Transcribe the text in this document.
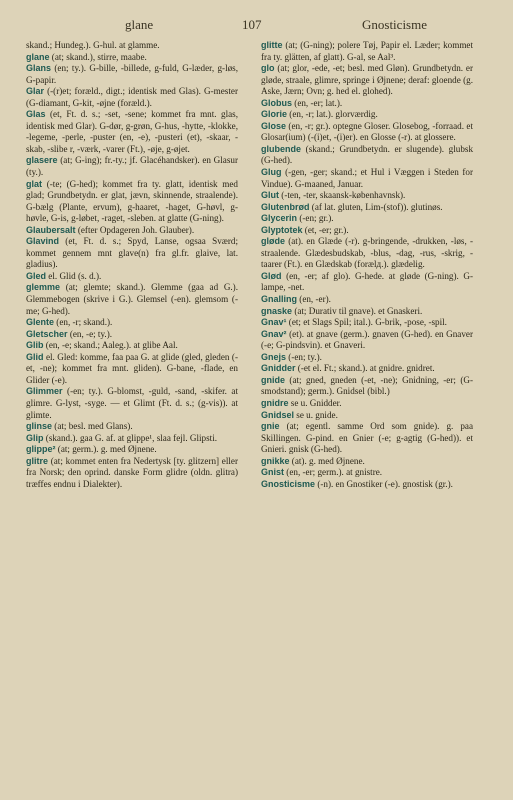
glane	107	Gnosticisme

skand.; Hundeg.). G-hul. at glamme.

glane (at; skand.), stirre, maabe.

Glans (en; ty.). G-bille, -billede, g-fuld, G-læder, g-løs, G-papir.

Glar (-(r)et; foræld., digt.; identisk med Glas). G-mester (G-diamant, G-kit, -øjne (foræld.).

Glas (et, Ft. d. s.; -set, -sene; kommet fra mnt. glas, identisk med Glar). G-dør, g-grøn, G-hus, -hytte, -klokke, -legeme, -perle, -puster (en, -e), -pusteri (et), -skaar, -skab, -slibe r, -værk, -varer (Ft.), -øje, g-øjet.

glasere (at; G-ing); fr.-ty.; jf. Glacéhandsker). en Glasur (ty.).

glat (-te; (G-hed); kommet fra ty. glatt, identisk med glad; Grundbetydn. er glat, jævn, skinnende, straalende). G-bælg (Plante, ervum), g-haaret, -haget, G-høvl, g-høvle, G-is, g-løbet, -raget, -sleben. at glatte (G-ning).

Glaubersalt (efter Opdageren Joh. Glauber).

Glavind (et, Ft. d. s.; Spyd, Lanse, ogsaa Sværd; kommet gennem mnt glave(n) fra gl.fr. glaive, lat. gladius).

Gled el. Glid (s. d.).

glemme (at; glemte; skand.). Glemme (gaa ad G.). Glemmebogen (skrive i G.). Glemsel (-en). glemsom (-me; G-hed).

Glente (en, -r; skand.).

Gletscher (en, -e; ty.).

Glib (en, -e; skand.; Aaleg.). at glibe Aal.

Glid el. Gled: komme, faa paa G. at glide (gled, gleden (-et, -ne); kommet fra mnt. gliden). G-bane, -flade, en Glider (-e).

Glimmer (-en; ty.). G-blomst, -guld, -sand, -skifer. at glimre. G-lyst, -syge. — et Glimt (Ft. d. s.; (g-vis)). at glimte.

glinse (at; besl. med Glans).

Glip (skand.). gaa G. af. at glippe¹, slaa fejl. Glipsti.

glippe² (at; germ.). g. med Øjnene.

glitre (at; kommet enten fra Nedertysk [ty. glitzern] eller fra Norsk; den oprind. danske Form glidre (oldn. glitra) træffes endnu i Dialekter).

glitte (at; (G-ning); polere Tøj, Papir el. Læder; kommet fra ty. glätten, af glatt). G-al, se Aal³.

glo (at; glor, -ede, -et; besl. med Gløn). Grundbetydn. er gløde, straale, glimre, springe i Øjnene; deraf: gloende (g. Aske, Jærn; Ovn; g. hed el. glohed).

Globus (en, -er; lat.).

Glorie (en, -r; lat.). glorværdig.

Glose (en, -r; gr.). optegne Gloser. Glosebog, -forraad. et Glosar(ium) (-(i)et, -(i)er). en Glosse (-r). at glossere.

glubende (skand.; Grundbetydn. er slugende). glubsk (G-hed).

Glug (-gen, -ger; skand.; et Hul i Væggen i Steden for Vindue). G-maaned, Januar.

Glut (-ten, -ter, skaansk-københavnsk).

Glutenbrød (af lat. gluten, Lim-(stof)). glutinøs.

Glycerin (-en; gr.).

Glyptotek (et, -er; gr.).

gløde (at). en Glæde (-r). g-bringende, -drukken, -løs, -straalende. Glædesbudskab, -blus, -dag, -rus, -skrig, -taarer (Ft.). en Glædskab (forælд.). glædelig.

Glød (en, -er; af glo). G-hede. at gløde (G-ning). G-lampe, -net.

Gnalling (en, -er).

gnaske (at; Durativ til gnave). et Gnaskeri.

Gnav¹ (et; et Slags Spil; ital.). G-brik, -pose, -spil.

Gnav² (et). at gnave (germ.). gnaven (G-hed). en Gnaver (-e; G-pindsvin). et Gnaveri.

Gnejs (-en; ty.).

Gnidder (-et el. Ft.; skand.). at gnidre. gnidret.

gnide (at; gned, gneden (-et, -ne); Gnidning, -er; (G-smodstand); germ.). Gnidsel (bibl.)

gnidre se u. Gnidder.

Gnidsel se u. gnide.

gnie (at; egentl. samme Ord som gnide). g. paa Skillingen. G-pind. en Gnier (-e; g-agtig (G-hed)). et Gnieri. gnisk (G-hed).

gnikke (at). g. med Øjnene.

Gnist (en, -er; germ.). at gnistre.

Gnosticisme (-n). en Gnostiker (-e). gnostisk (gr.).
